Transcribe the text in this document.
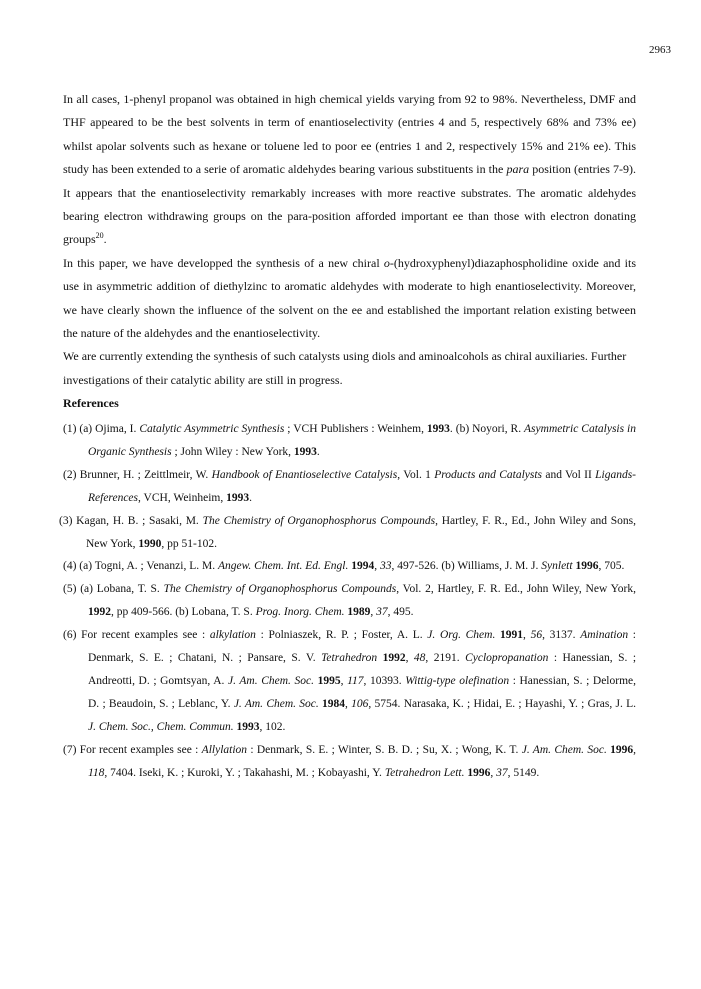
2963

In all cases, 1-phenyl propanol was obtained in high chemical yields varying from 92 to 98%. Nevertheless, DMF and THF appeared to be the best solvents in term of enantioselectivity (entries 4 and 5, respectively 68% and 73% ee) whilst apolar solvents such as hexane or toluene led to poor ee (entries 1 and 2, respectively 15% and 21% ee). This study has been extended to a serie of aromatic aldehydes bearing various substituents in the para position (entries 7-9). It appears that the enantioselectivity remarkably increases with more reactive substrates. The aromatic aldehydes bearing electron withdrawing groups on the para-position afforded important ee than those with electron donating groups$^{20}$.

In this paper, we have developped the synthesis of a new chiral o-(hydroxyphenyl)diazaphospholidine oxide and its use in asymmetric addition of diethylzinc to aromatic aldehydes with moderate to high enantioselectivity. Moreover, we have clearly shown the influence of the solvent on the ee and established the important relation existing between the nature of the aldehydes and the enantioselectivity.

We are currently extending the synthesis of such catalysts using diols and aminoalcohols as chiral auxiliaries. Further investigations of their catalytic ability are still in progress.

References
(1) (a) Ojima, I. Catalytic Asymmetric Synthesis ; VCH Publishers : Weinhem, 1993. (b) Noyori, R. Asymmetric Catalysis in Organic Synthesis ; John Wiley : New York, 1993.
(2) Brunner, H. ; Zeittlmeir, W. Handbook of Enantioselective Catalysis, Vol. 1 Products and Catalysts and Vol II Ligands-References, VCH, Weinheim, 1993.
(3) Kagan, H. B. ; Sasaki, M. The Chemistry of Organophosphorus Compounds, Hartley, F. R., Ed., John Wiley and Sons, New York, 1990, pp 51-102.
(4) (a) Togni, A. ; Venanzi, L. M. Angew. Chem. Int. Ed. Engl. 1994, 33, 497-526. (b) Williams, J. M. J. Synlett 1996, 705.
(5) (a) Lobana, T. S. The Chemistry of Organophosphorus Compounds, Vol. 2, Hartley, F. R. Ed., John Wiley, New York, 1992, pp 409-566. (b) Lobana, T. S. Prog. Inorg. Chem. 1989, 37, 495.
(6) For recent examples see : alkylation : Polniaszek, R. P. ; Foster, A. L. J. Org. Chem. 1991, 56, 3137. Amination : Denmark, S. E. ; Chatani, N. ; Pansare, S. V. Tetrahedron 1992, 48, 2191. Cyclopropanation : Hanessian, S. ; Andreotti, D. ; Gomtsyan, A. J. Am. Chem. Soc. 1995, 117, 10393. Wittig-type olefination : Hanessian, S. ; Delorme, D. ; Beaudoin, S. ; Leblanc, Y. J. Am. Chem. Soc. 1984, 106, 5754. Narasaka, K. ; Hidai, E. ; Hayashi, Y. ; Gras, J. L. J. Chem. Soc., Chem. Commun. 1993, 102.
(7) For recent examples see : Allylation : Denmark, S. E. ; Winter, S. B. D. ; Su, X. ; Wong, K. T. J. Am. Chem. Soc. 1996, 118, 7404. Iseki, K. ; Kuroki, Y. ; Takahashi, M. ; Kobayashi, Y. Tetrahedron Lett. 1996, 37, 5149.
